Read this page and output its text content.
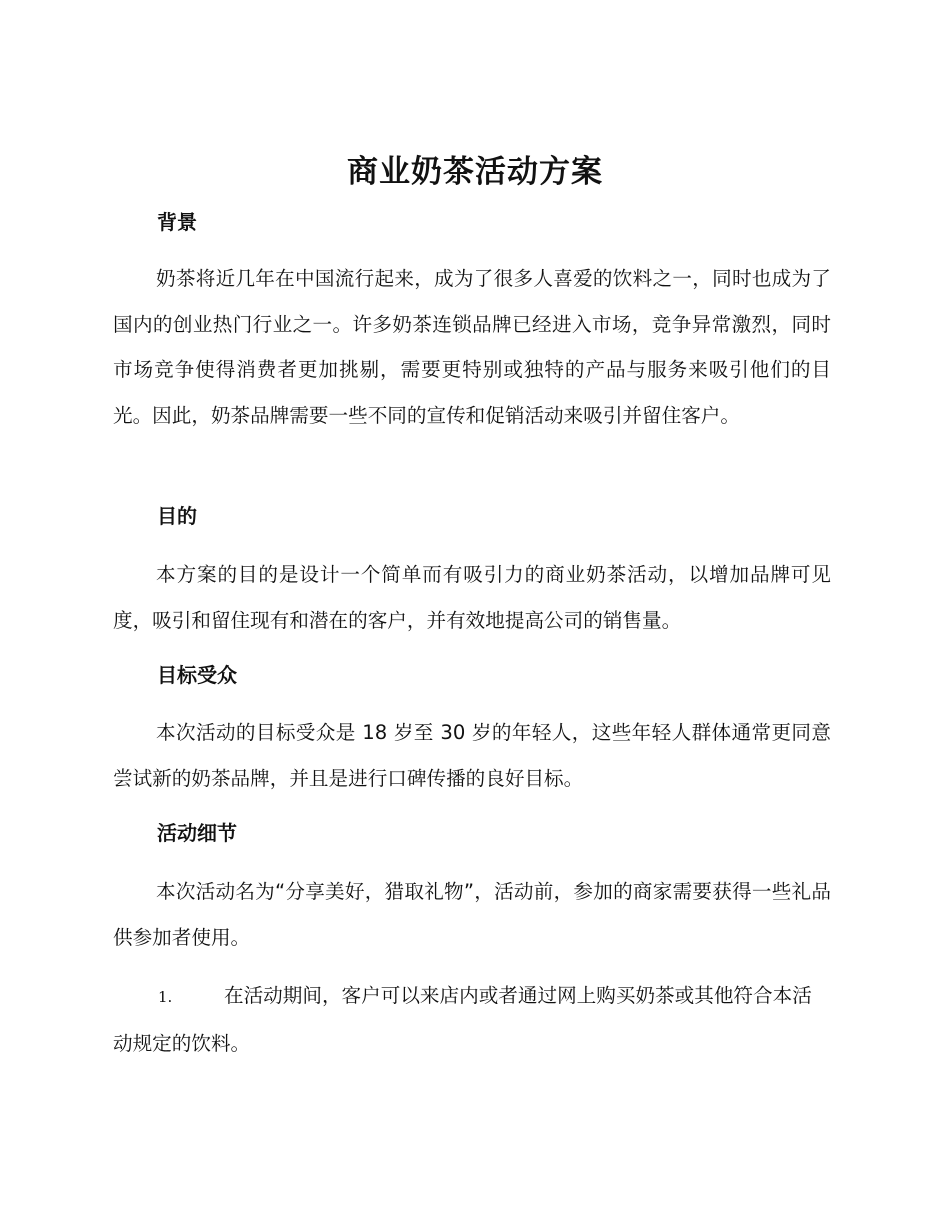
商业奶茶活动方案
背景

奶茶将近几年在中国流行起来，成为了很多人喜爱的饮料之一，同时也成为了国内的创业热门行业之一。许多奶茶连锁品牌已经进入市场，竞争异常激烈，同时市场竞争使得消费者更加挑剔，需要更特别或独特的产品与服务来吸引他们的目光。因此，奶茶品牌需要一些不同的宣传和促销活动来吸引并留住客户。

目的

本方案的目的是设计一个简单而有吸引力的商业奶茶活动，以增加品牌可见度，吸引和留住现有和潜在的客户，并有效地提高公司的销售量。

目标受众

本次活动的目标受众是 18 岁至 30 岁的年轻人，这些年轻人群体通常更同意尝试新的奶茶品牌，并且是进行口碑传播的良好目标。

活动细节

本次活动名为“分享美好，猎取礼物”，活动前，参加的商家需要获得一些礼品供参加者使用。

1.	在活动期间，客户可以来店内或者通过网上购买奶茶或其他符合本活动规定的饮料。
